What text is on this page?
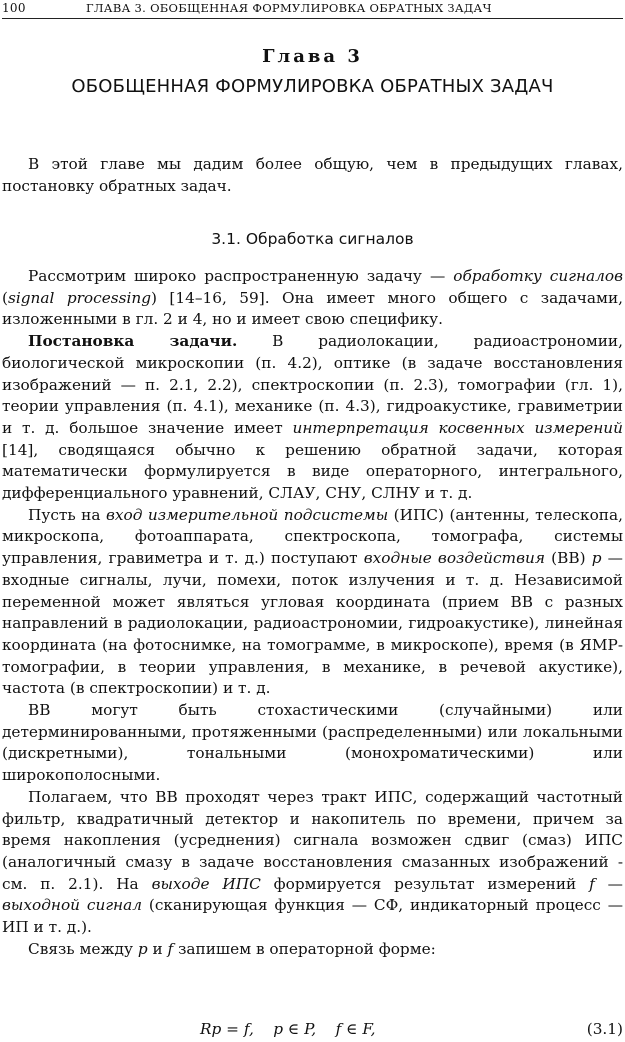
100	ГЛАВА 3. ОБОБЩЕННАЯ ФОРМУЛИРОВКА ОБРАТНЫХ ЗАДАЧ
Глава 3
ОБОБЩЕННАЯ ФОРМУЛИРОВКА ОБРАТНЫХ ЗАДАЧ

В этой главе мы дадим более общую, чем в предыдущих главах, постановку обратных задач.

3.1. Обработка сигналов

Рассмотрим широко распространенную задачу — обработку сигналов (signal processing) [14–16, 59]. Она имеет много общего с задачами, изложенными в гл. 2 и 4, но и имеет свою специфику.

Постановка задачи. В радиолокации, радиоастрономии, биологической микроскопии (п. 4.2), оптике (в задаче восстановления изображений — п. 2.1, 2.2), спектроскопии (п. 2.3), томографии (гл. 1), теории управления (п. 4.1), механике (п. 4.3), гидроакустике, гравиметрии и т. д. большое значение имеет интерпретация косвенных измерений [14], сводящаяся обычно к решению обратной задачи, которая математически формулируется в виде операторного, интегрального, дифференциального уравнений, СЛАУ, СНУ, СЛНУ и т. д.

Пусть на вход измерительной подсистемы (ИПС) (антенны, телескопа, микроскопа, фотоаппарата, спектроскопа, томографа, системы управления, гравиметра и т. д.) поступают входные воздействия (ВВ) p — входные сигналы, лучи, помехи, поток излучения и т. д. Независимой переменной может являться угловая координата (прием ВВ с разных направлений в радиолокации, радиоастрономии, гидроакустике), линейная координата (на фотоснимке, на томограмме, в микроскопе), время (в ЯМР-томографии, в теории управления, в механике, в речевой акустике), частота (в спектроскопии) и т. д.

ВВ могут быть стохастическими (случайными) или детерминированными, протяженными (распределенными) или локальными (дискретными), тональными (монохроматическими) или широкополосными.

Полагаем, что ВВ проходят через тракт ИПС, содержащий частотный фильтр, квадратичный детектор и накопитель по времени, причем за время накопления (усреднения) сигнала возможен сдвиг (смаз) ИПС (аналогичный смазу в задаче восстановления смазанных изображений - см. п. 2.1). На выходе ИПС формируется результат измерений f — выходной сигнал (сканирующая функция — СФ, индикаторный процесс — ИП и т. д.).

Связь между p и f запишем в операторной форме:

Rp = f,    p ∈ P,    f ∈ F,	(3.1)
